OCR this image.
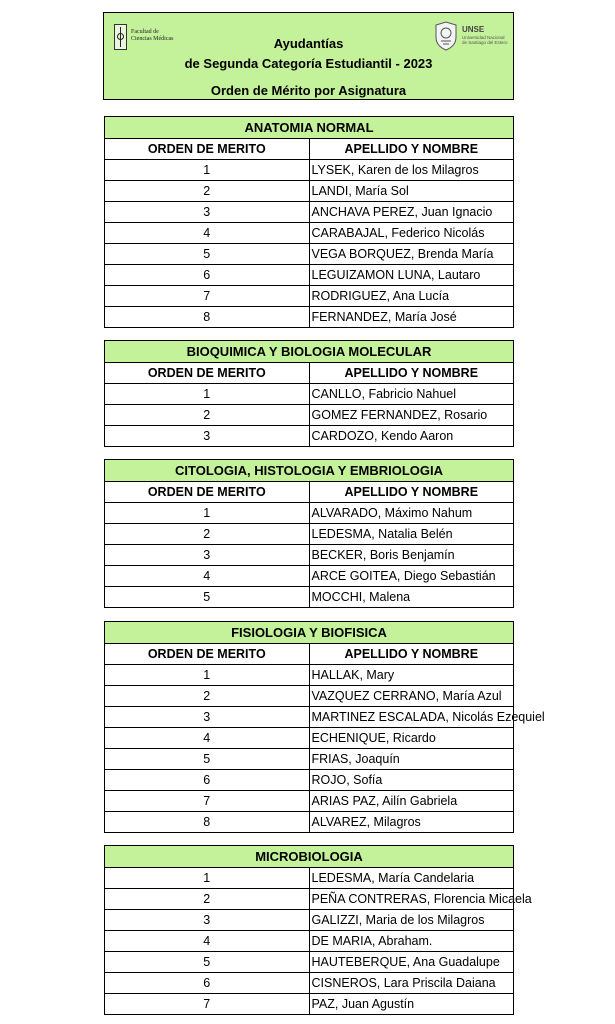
Facultad de
Ciencias Médicas	Ayudantías
de Segunda Categoría Estudiantil - 2023
Orden de Mérito por Asignatura
UNSE
Universidad Nacional
de Santiago del Estero
ANATOMIA NORMAL	
ORDEN DE MERITO	APELLIDO Y NOMBRE
1	LYSEK, Karen de los Milagros
2	LANDI, María Sol
3	ANCHAVA PEREZ, Juan Ignacio
4	CARABAJAL, Federico Nicolás
5	VEGA BORQUEZ, Brenda María
6	LEGUIZAMON LUNA, Lautaro
7	RODRIGUEZ, Ana Lucía
8	FERNANDEZ, María José
BIOQUIMICA Y BIOLOGIA MOLECULAR	
ORDEN DE MERITO	APELLIDO Y NOMBRE
1	CANLLO, Fabricio Nahuel
2	GOMEZ FERNANDEZ, Rosario
3	CARDOZO, Kendo Aaron
CITOLOGIA, HISTOLOGIA Y EMBRIOLOGIA	
ORDEN DE MERITO	APELLIDO Y NOMBRE
1	ALVARADO, Máximo Nahum
2	LEDESMA, Natalia Belén
3	BECKER, Boris Benjamín
4	ARCE GOITEA, Diego Sebastián
5	MOCCHI, Malena
FISIOLOGIA Y BIOFISICA	
ORDEN DE MERITO	APELLIDO Y NOMBRE
1	HALLAK, Mary
2	VAZQUEZ CERRANO, María Azul
3	MARTINEZ ESCALADA, Nicolás Ezequiel
4	ECHENIQUE, Ricardo
5	FRIAS, Joaquín
6	ROJO, Sofía
7	ARIAS PAZ, Ailín Gabriela
8	ALVAREZ, Milagros
MICROBIOLOGIA	
1	LEDESMA, María Candelaria
2	PEÑA CONTRERAS, Florencia Micaela
3	GALIZZI, Maria de los Milagros
4	DE MARIA, Abraham.
5	HAUTEBERQUE, Ana Guadalupe
6	CISNEROS, Lara Priscila Daiana
7	PAZ, Juan Agustín
